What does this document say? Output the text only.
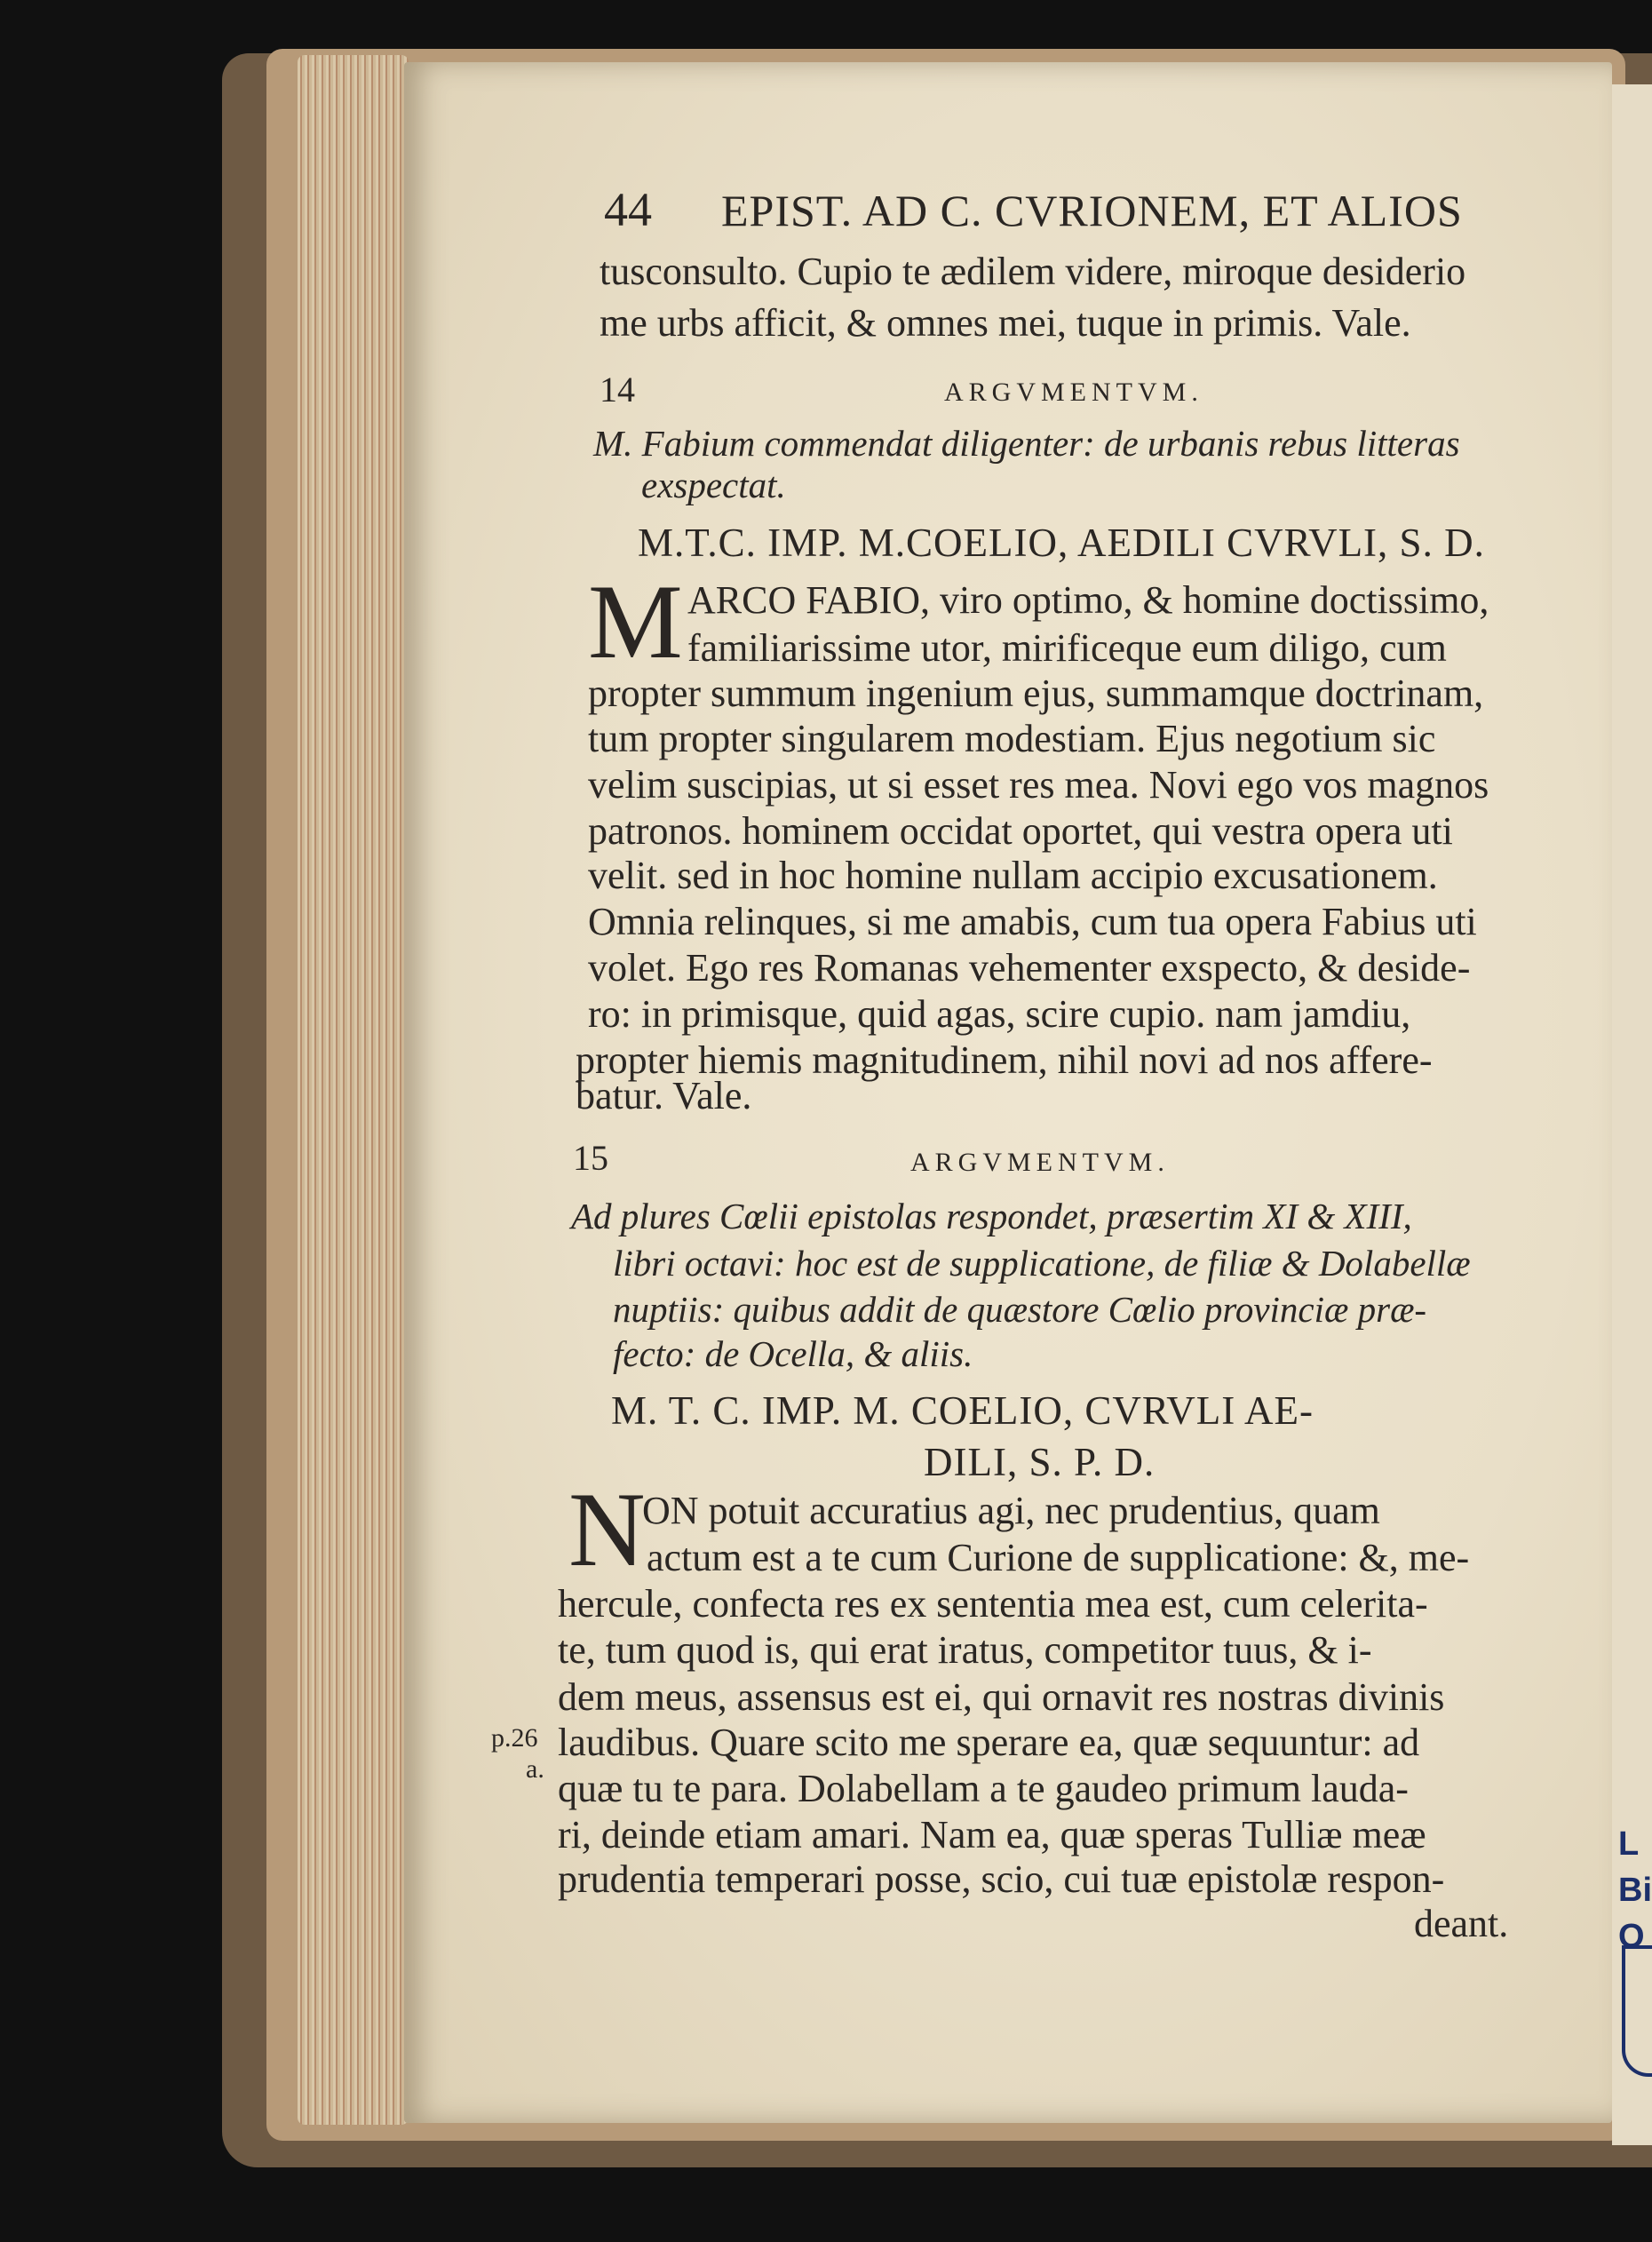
L
Bi
O
44 EPIST. AD C. CVRIONEM, ET ALIOS
tusconsulto. Cupio te ædilem videre, miroque desiderio
me urbs afficit, & omnes mei, tuque in primis. Vale.
14	ARGVMENTVM.
M. Fabium commendat diligenter: de urbanis rebus litteras
exspectat.
M.T.C. IMP. M.COELIO, AEDILI CVRVLI, S. D.
M ARCO FABIO, viro optimo, & homine doctissimo,
familiarissime utor, mirificeque eum diligo, cum
propter summum ingenium ejus, summamque doctrinam,
tum propter singularem modestiam. Ejus negotium sic
velim suscipias, ut si esset res mea. Novi ego vos magnos
patronos. hominem occidat oportet, qui vestra opera uti
velit. sed in hoc homine nullam accipio excusationem.
Omnia relinques, si me amabis, cum tua opera Fabius uti
volet. Ego res Romanas vehementer exspecto, & deside-
ro: in primisque, quid agas, scire cupio. nam jamdiu,
propter hiemis magnitudinem, nihil novi ad nos affere-
batur. Vale.
15	ARGVMENTVM.
Ad plures Cœlii epistolas respondet, præsertim XI & XIII,
libri octavi: hoc est de supplicatione, de filiæ & Dolabellæ
nuptiis: quibus addit de quæstore Cœlio provinciæ præ-
fecto: de Ocella, & aliis.
M. T. C. IMP. M. COELIO, CVRVLI AE-
DILI, S. P. D.
N
ON potuit accuratius agi, nec prudentius, quam
actum est a te cum Curione de supplicatione: &, me-
hercule, confecta res ex sententia mea est, cum celerita-
te, tum quod is, qui erat iratus, competitor tuus, & i-
dem meus, assensus est ei, qui ornavit res nostras divinis
laudibus. Quare scito me sperare ea, quæ sequuntur: ad
quæ tu te para. Dolabellam a te gaudeo primum lauda-
ri, deinde etiam amari. Nam ea, quæ speras Tulliæ meæ
prudentia temperari posse, scio, cui tuæ epistolæ respon-
deant.
p.26
a.
